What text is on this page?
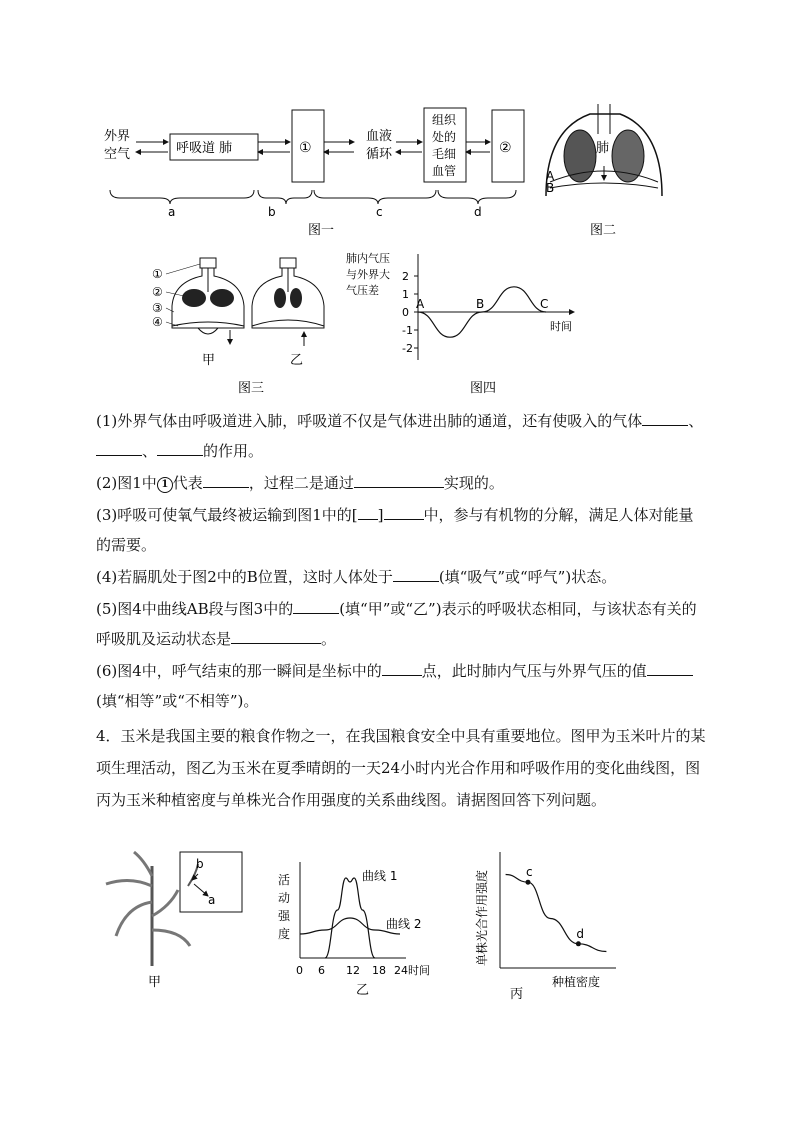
外界
空气	呼吸道 肺	①
血液
循环
组织
处的
毛细
血管
②
a	b	c	d
图一
肺
A
B
图二
①
②
③
④
甲	乙
图三
肺内气压
与外界大
气压差
2
1
0
-1
-2
A	B	C
时间
图四
(1)外界气体由呼吸道进入肺，呼吸道不仅是气体进出肺的通道，还有使吸入的气体	、、	的作用。
(2)图1中 1 代表	，过程二是通过	实现的。
(3)呼吸可使氧气最终被运输到图1中的[ ]	中，参与有机物的分解，满足人体对能量的需要。
(4)若膈肌处于图2中的B位置，这时人体处于	(填“吸气”或“呼气”)状态。
(5)图4中曲线AB段与图3中的	(填“甲”或“乙”)表示的呼吸状态相同，与该状态有关的呼吸肌及运动状态是	。
(6)图4中，呼气结束的那一瞬间是坐标中的	点，此时肺内气压与外界气压的值(填“相等”或“不相等”)。
4．玉米是我国主要的粮食作物之一，在我国粮食安全中具有重要地位。图甲为玉米叶片的某项生理活动，图乙为玉米在夏季晴朗的一天24小时内光合作用和呼吸作用的变化曲线图，图丙为玉米种植密度与单株光合作用强度的关系曲线图。请据图回答下列问题。
b
a
甲
活
动
强
度
曲线 1
曲线 2
0 6 12 18 24时间
乙
单株光合作用强度	c
d
种植密度
丙
